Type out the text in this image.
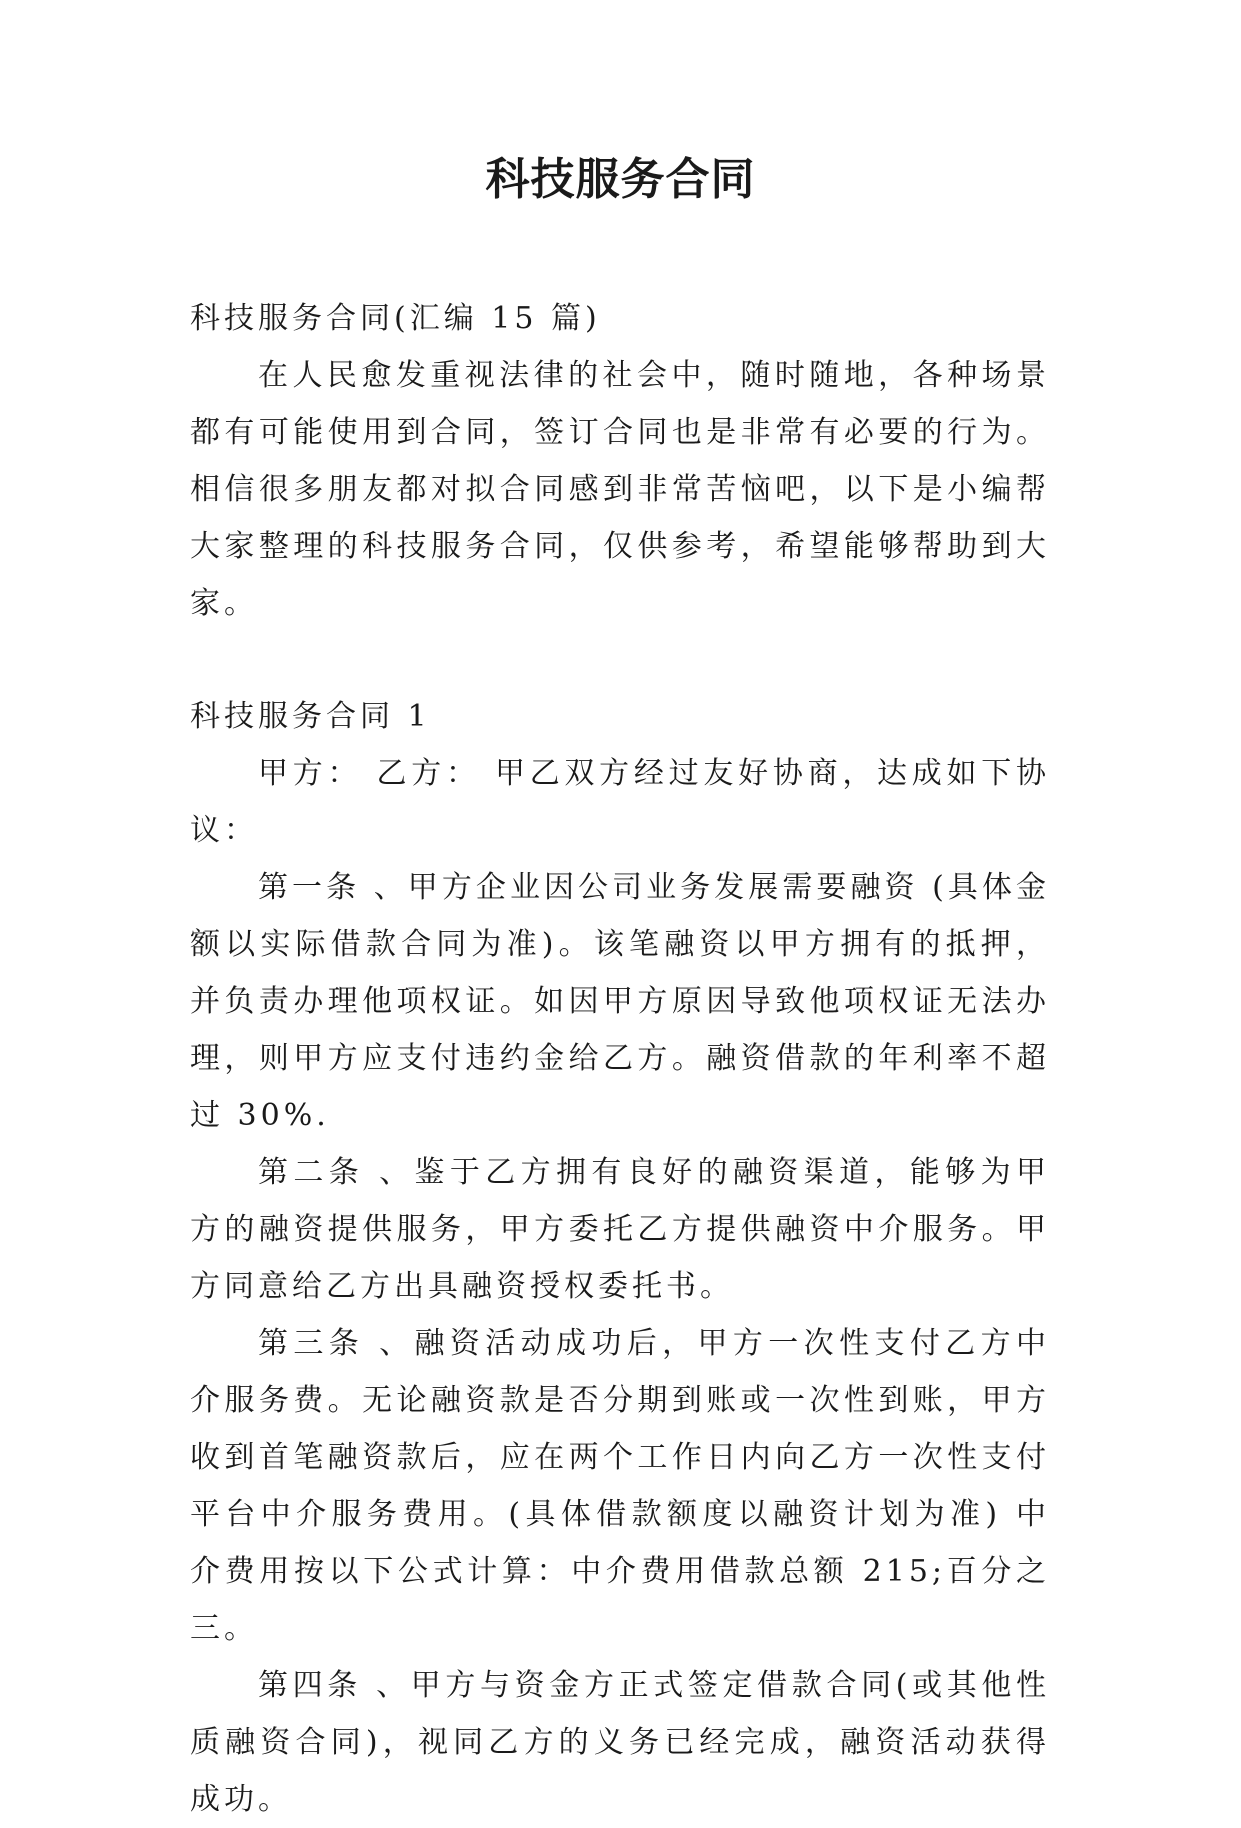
科技服务合同

科技服务合同(汇编 15 篇)

在人民愈发重视法律的社会中，随时随地，各种场景都有可能使用到合同，签订合同也是非常有必要的行为。相信很多朋友都对拟合同感到非常苦恼吧，以下是小编帮大家整理的科技服务合同，仅供参考，希望能够帮助到大家。

科技服务合同 1

甲方： 乙方： 甲乙双方经过友好协商，达成如下协议：

第一条 、甲方企业因公司业务发展需要融资 (具体金额以实际借款合同为准)。该笔融资以甲方拥有的抵押，并负责办理他项权证。如因甲方原因导致他项权证无法办理，则甲方应支付违约金给乙方。融资借款的年利率不超过 30%.

第二条 、鉴于乙方拥有良好的融资渠道，能够为甲方的融资提供服务，甲方委托乙方提供融资中介服务。甲方同意给乙方出具融资授权委托书。

第三条 、融资活动成功后，甲方一次性支付乙方中介服务费。无论融资款是否分期到账或一次性到账，甲方收到首笔融资款后，应在两个工作日内向乙方一次性支付平台中介服务费用。(具体借款额度以融资计划为准) 中介费用按以下公式计算：中介费用借款总额 215;百分之三。

第四条 、甲方与资金方正式签定借款合同(或其他性质融资合同)，视同乙方的义务已经完成，融资活动获得成功。
